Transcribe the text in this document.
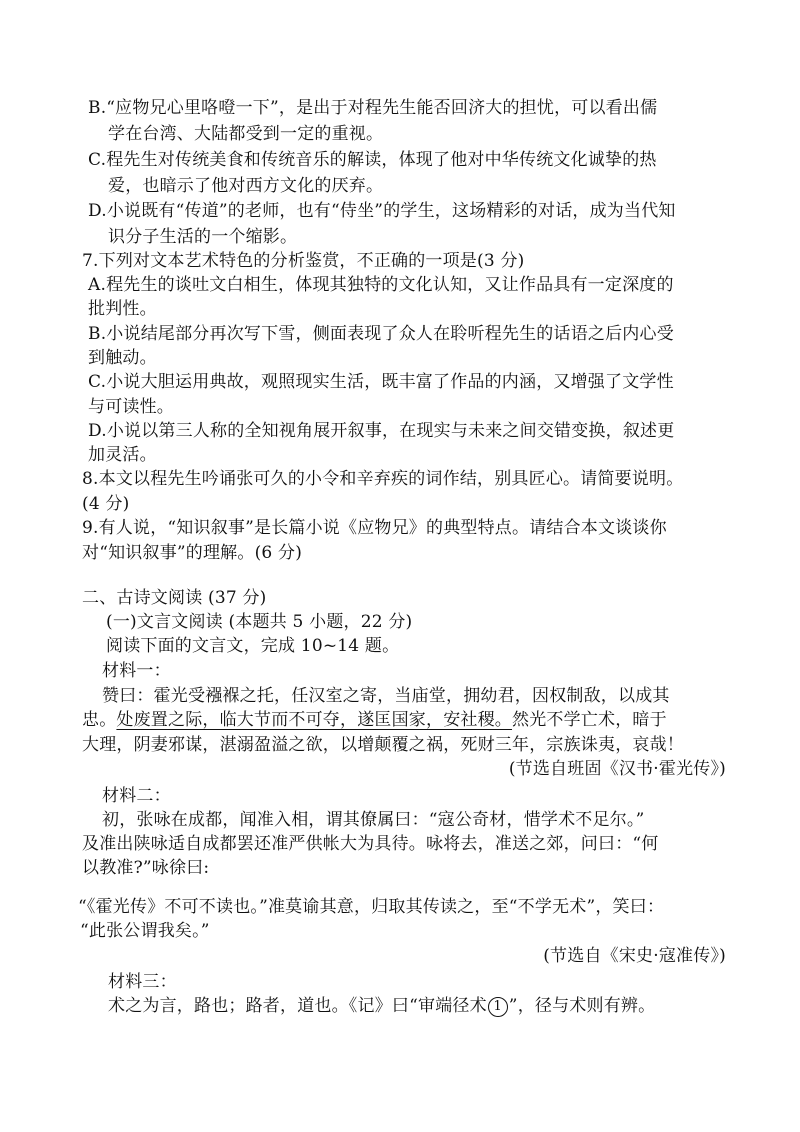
B.“应物兄心里咯噔一下”，是出于对程先生能否回济大的担忧，可以看出儒
学在台湾、大陆都受到一定的重视。
C.程先生对传统美食和传统音乐的解读，体现了他对中华传统文化诚挚的热
爱，也暗示了他对西方文化的厌弃。
D.小说既有“传道”的老师，也有“侍坐”的学生，这场精彩的对话，成为当代知
识分子生活的一个缩影。
7.下列对文本艺术特色的分析鉴赏，不正确的一项是(3 分)
A.程先生的谈吐文白相生，体现其独特的文化认知，又让作品具有一定深度的
批判性。
B.小说结尾部分再次写下雪，侧面表现了众人在聆听程先生的话语之后内心受
到触动。
C.小说大胆运用典故，观照现实生活，既丰富了作品的内涵，又增强了文学性
与可读性。
D.小说以第三人称的全知视角展开叙事，在现实与未来之间交错变换，叙述更
加灵活。
8.本文以程先生吟诵张可久的小令和辛弃疾的词作结，别具匠心。请简要说明。
(4 分)
9.有人说，“知识叙事”是长篇小说《应物兄》的典型特点。请结合本文谈谈你
对“知识叙事”的理解。(6 分)
二、古诗文阅读 (37 分)
(一)文言文阅读 (本题共 5 小题，22 分)
阅读下面的文言文，完成 10~14 题。
材料一：
赞曰：霍光受襁褓之托，任汉室之寄，当庙堂，拥幼君，因权制敌，以成其
忠。处废置之际，临大节而不可夺，遂匡国家，安社稷。然光不学亡术，暗于
大理，阴妻邪谋，湛溺盈溢之欲，以增颠覆之祸，死财三年，宗族诛夷，哀哉！
(节选自班固《汉书·霍光传》)
材料二：
初，张咏在成都，闻准入相，谓其僚属曰：“寇公奇材，惜学术不足尔。”
及准出陕咏适自成都罢还准严供帐大为具待。咏将去，准送之郊，问曰：“何
以教准?”咏徐曰:
“《霍光传》不可不读也。”准莫谕其意，归取其传读之，至“不学无术”，笑曰：
“此张公谓我矣。”
(节选自《宋史·寇准传》)
材料三：
术之为言，路也；路者，道也。《记》曰“审端径术 1 ”，径与术则有辨。
